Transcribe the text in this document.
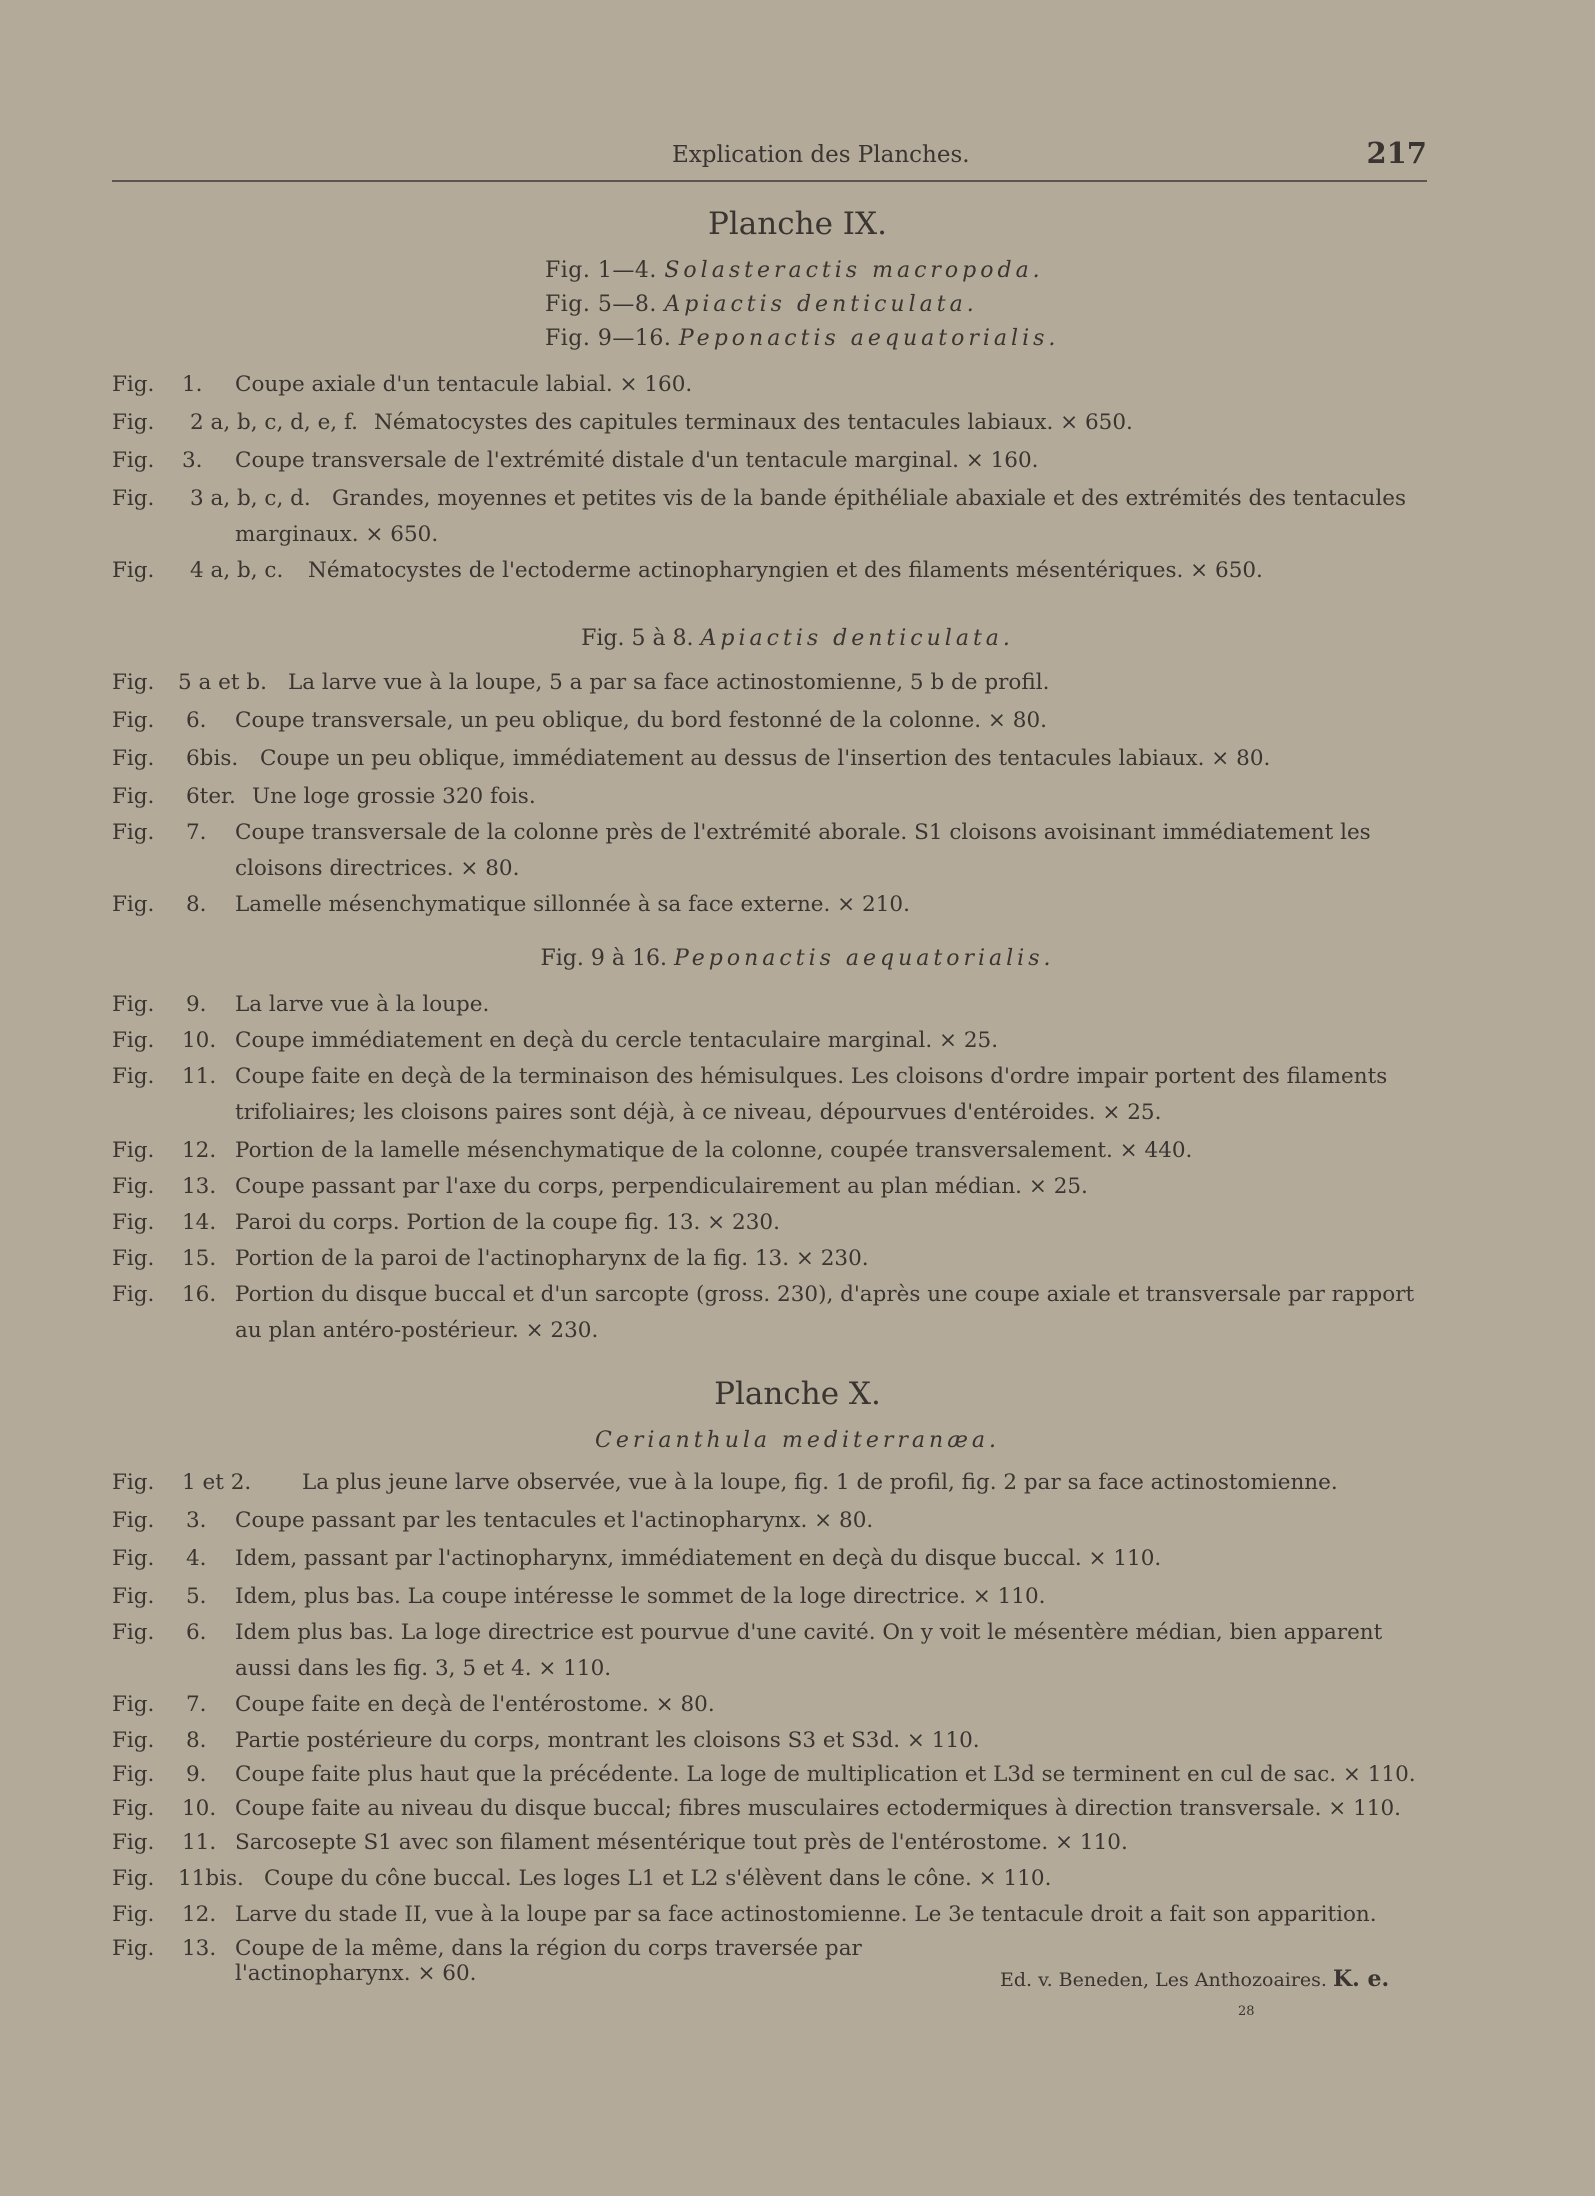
Explication des Planches.	217
Planche IX.
Fig. 1—4. Solasteractis macropoda.
Fig. 5—8. Apiactis denticulata.
Fig. 9—16. Peponactis aequatorialis.
Fig. 1. Coupe axiale d'un tentacule labial. × 160.
Fig. 2 a, b, c, d, e, f. Nématocystes des capitules terminaux des tentacules labiaux. × 650.
Fig. 3. Coupe transversale de l'extrémité distale d'un tentacule marginal. × 160.
Fig. 3 a, b, c, d. Grandes, moyennes et petites vis de la bande épithéliale abaxiale et des extrémités des tentacules
marginaux. × 650.
Fig. 4 a, b, c. Nématocystes de l'ectoderme actinopharyngien et des filaments mésentériques. × 650.
Fig. 5 à 8. Apiactis denticulata.
Fig. 5 a et b. La larve vue à la loupe, 5 a par sa face actinostomienne, 5 b de profil.
Fig. 6. Coupe transversale, un peu oblique, du bord festonné de la colonne. × 80.
Fig. 6bis. Coupe un peu oblique, immédiatement au dessus de l'insertion des tentacules labiaux. × 80.
Fig. 6ter. Une loge grossie 320 fois.
Fig. 7. Coupe transversale de la colonne près de l'extrémité aborale. S1 cloisons avoisinant immédiatement les
cloisons directrices. × 80.
Fig. 8. Lamelle mésenchymatique sillonnée à sa face externe. × 210.
Fig. 9 à 16. Peponactis aequatorialis.
Fig. 9. La larve vue à la loupe.
Fig. 10. Coupe immédiatement en deçà du cercle tentaculaire marginal. × 25.
Fig. 11. Coupe faite en deçà de la terminaison des hémisulques. Les cloisons d'ordre impair portent des filaments
trifoliaires; les cloisons paires sont déjà, à ce niveau, dépourvues d'entéroides. × 25.
Fig. 12. Portion de la lamelle mésenchymatique de la colonne, coupée transversalement. × 440.
Fig. 13. Coupe passant par l'axe du corps, perpendiculairement au plan médian. × 25.
Fig. 14. Paroi du corps. Portion de la coupe fig. 13. × 230.
Fig. 15. Portion de la paroi de l'actinopharynx de la fig. 13. × 230.
Fig. 16. Portion du disque buccal et d'un sarcopte (gross. 230), d'après une coupe axiale et transversale par rapport
au plan antéro-postérieur. × 230.
Planche X.
Cerianthula mediterranæa.
Fig. 1 et 2. La plus jeune larve observée, vue à la loupe, fig. 1 de profil, fig. 2 par sa face actinostomienne.
Fig. 3. Coupe passant par les tentacules et l'actinopharynx. × 80.
Fig. 4. Idem, passant par l'actinopharynx, immédiatement en deçà du disque buccal. × 110.
Fig. 5. Idem, plus bas. La coupe intéresse le sommet de la loge directrice. × 110.
Fig. 6. Idem plus bas. La loge directrice est pourvue d'une cavité. On y voit le mésentère médian, bien apparent
aussi dans les fig. 3, 5 et 4. × 110.
Fig. 7. Coupe faite en deçà de l'entérostome. × 80.
Fig. 8. Partie postérieure du corps, montrant les cloisons S3 et S3d. × 110.
Fig. 9. Coupe faite plus haut que la précédente. La loge de multiplication et L3d se terminent en cul de sac. × 110.
Fig. 10. Coupe faite au niveau du disque buccal; fibres musculaires ectodermiques à direction transversale. × 110.
Fig. 11. Sarcosepte S1 avec son filament mésentérique tout près de l'entérostome. × 110.
Fig. 11bis. Coupe du cône buccal. Les loges L1 et L2 s'élèvent dans le cône. × 110.
Fig. 12. Larve du stade II, vue à la loupe par sa face actinostomienne. Le 3e tentacule droit a fait son apparition.
Fig. 13. Coupe de la même, dans la région du corps traversée par l'actinopharynx. × 60.	Ed. v. Beneden, Les Anthozoaires. K. e.
28
